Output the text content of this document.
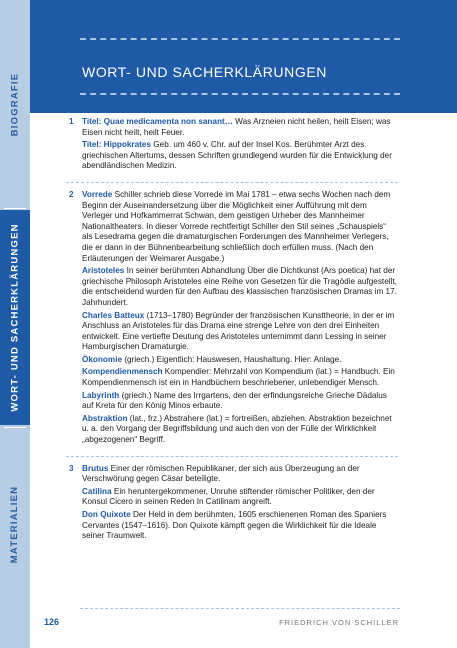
BIOGRAFIE
WORT- UND SACHERKLÄRUNGEN
MATERIALIEN
WORT- UND SACHERKLÄRUNGEN
1 Titel: Quae medicamenta non sanant… Was Arzneien nicht heilen, heilt Eisen; was Eisen nicht heilt, heilt Feuer.

Titel: Hippokrates Geb. um 460 v. Chr. auf der Insel Kos. Berühmter Arzt des griechischen Altertums, dessen Schriften grundlegend wurden für die Entwicklung der abendländischen Medizin.

2 Vorrede Schiller schrieb diese Vorrede im Mai 1781 – etwa sechs Wochen nach dem Beginn der Auseinandersetzung über die Möglichkeit einer Aufführung mit dem Verleger und Hofkammerrat Schwan, dem geistigen Urheber des Mannheimer Nationaltheaters. In dieser Vorrede rechtfertigt Schiller den Stil seines „Schauspiels“ als Lesedrama gegen die dramaturgischen Forderungen des Mannheimer Verlegers, die er dann in der Bühnenbearbeitung schließlich doch erfüllen muss. (Nach den Erläuterungen der Weimarer Ausgabe.)

Aristoteles In seiner berühmten Abhandlung Über die Dichtkunst (Ars poetica) hat der griechische Philosoph Aristoteles eine Reihe von Gesetzen für die Tragödie aufgestellt, die entscheidend wurden für den Aufbau des klassischen französischen Dramas im 17. Jahrhundert.

Charles Batteux (1713–1780) Begründer der französischen Kunsttheorie, in der er im Anschluss an Aristoteles für das Drama eine strenge Lehre von den drei Einheiten entwickelt. Eine vertiefte Deutung des Aristoteles unternimmt dann Lessing in seiner Hamburgischen Dramaturgie.

Ökonomie (griech.) Eigentlich: Hauswesen, Haushaltung. Hier: Anlage.

Kompendienmensch Kompendier: Mehrzahl von Kompendium (lat.) = Handbuch. Ein Kompendienmensch ist ein in Handbüchern beschriebener, unlebendiger Mensch.

Labyrinth (griech.) Name des Irrgartens, den der erfindungsreiche Grieche Dädalus auf Kreta für den König Minos erbaute.

Abstraktion (lat., frz.) Abstrahere (lat.) = fortreißen, abziehen. Abstraktion bezeichnet u. a. den Vorgang der Begriffsbildung und auch den von der Fülle der Wirklichkeit „abgezogenen“ Begriff.

3 Brutus Einer der römischen Republikaner, der sich aus Überzeugung an der Verschwörung gegen Cäsar beteiligte.

Catilina Ein heruntergekommener, Unruhe stiftender römischer Politiker, den der Konsul Cicero in seinen Reden In Catilinam angreift.

Don Quixote Der Held in dem berühmten, 1605 erschienenen Roman des Spaniers Cervantes (1547–1616). Don Quixote kämpft gegen die Wirklichkeit für die Ideale seiner Traumwelt.

126	FRIEDRICH VON SCHILLER
